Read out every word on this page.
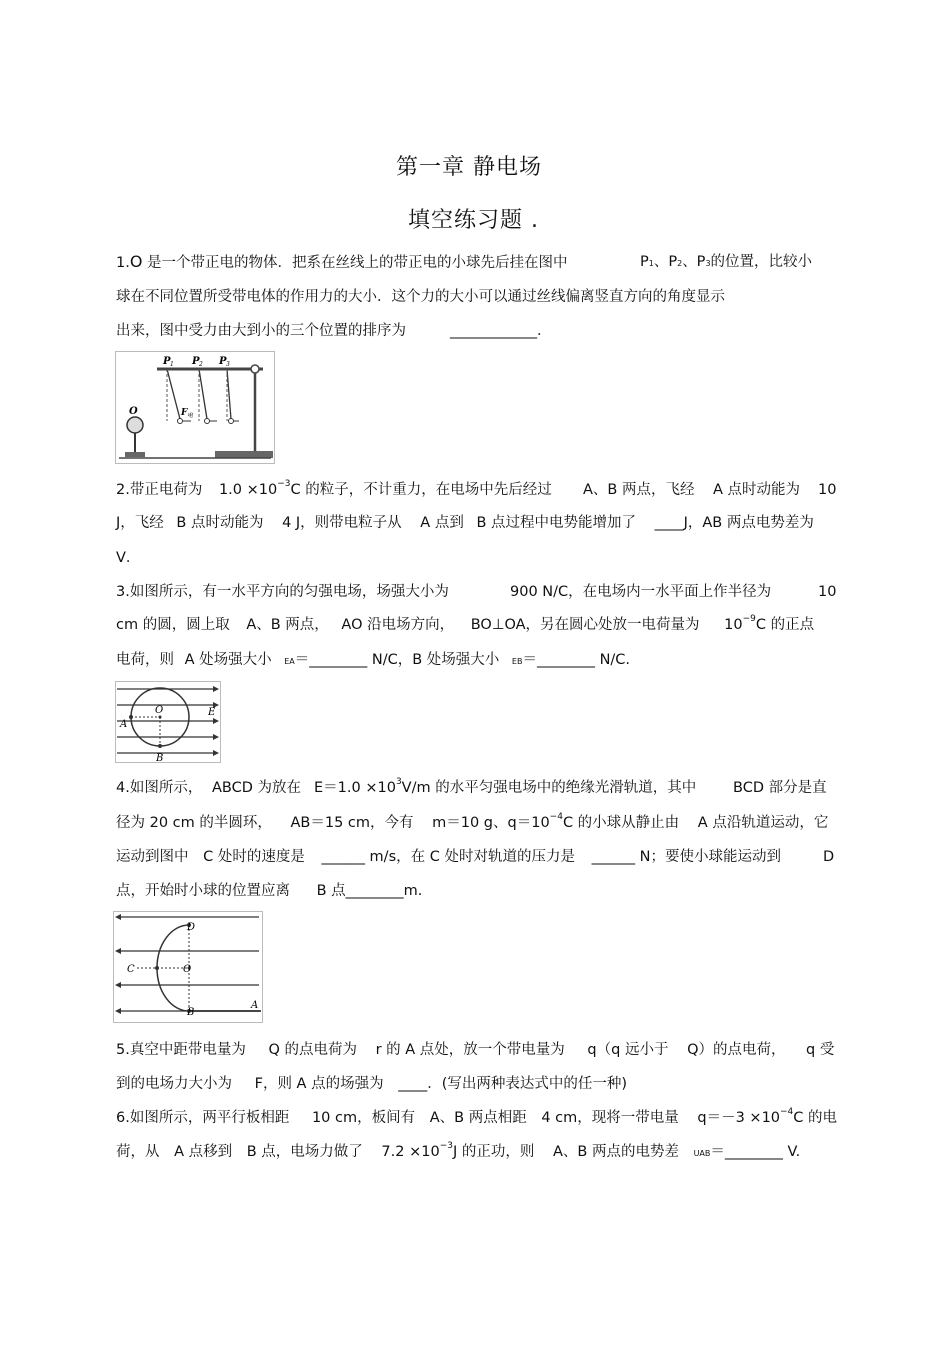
第一章 静电场
填空练习题 .
1.O 是一个带正电的物体．把系在丝线上的带正电的小球先后挂在图中	P1、P2、P3的位置，比较小
球在不同位置所受带电体的作用力的大小．这个力的大小可以通过丝线偏离竖直方向的角度显示
出来，图中受力由大到小的三个位置的排序为	____________．
P 1 P 2 P 3
O	F 电
2.带正电荷为 $1.0 \times 10^{-3}C$ 的粒子，不计重力，在电场中先后经过 A、B 两点，飞经 A 点时动能为 10
J，飞经 B 点时动能为 4 J，则带电粒子从 A 点到 B 点过程中电势能增加了 ____J，AB 两点电势差为
V．
3.如图所示，有一水平方向的匀强电场，场强大小为	900 N/C，在电场内一水平面上作半径为	10
cm 的圆，圆上取 A、B 两点， AO 沿电场方向， BO⊥OA，另在圆心处放一电荷量为 $10^{-9}C$ 的正点
电荷，则 A 处场强大小 EA＝________ N/C，B 处场强大小 EB＝________ N/C.
E
O
A
B
4.如图所示， ABCD 为放在 $E=1.0 \times 10^3V/m$ 的水平匀强电场中的绝缘光滑轨道，其中	BCD 部分是直
径为 20 cm 的半圆环， AB＝15 cm，今有 m＝10 g、$q=10^{-4}C$ 的小球从静止由 A 点沿轨道运动，它
运动到图中 C 处时的速度是 ______ m/s，在 C 处时对轨道的压力是 ______ N；要使小球能运动到	D
点，开始时小球的位置应离 B 点________m.
D
C	O
B
A
5.真空中距带电量为 Q 的点电荷为 r 的 A 点处，放一个带电量为 q（q 远小于 Q）的点电荷， q 受
到的电场力大小为 F，则 A 点的场强为 ____．(写出两种表达式中的任一种)
6.如图所示，两平行板相距 10 cm，板间有 A、B 两点相距 4 cm，现将一带电量 $q=-3 \times 10^{-4}C$ 的电
荷，从 A 点移到 B 点，电场力做了 $7.2 \times 10^{-3}J$ 的正功，则 A、B 两点的电势差 UAB＝________ V.
